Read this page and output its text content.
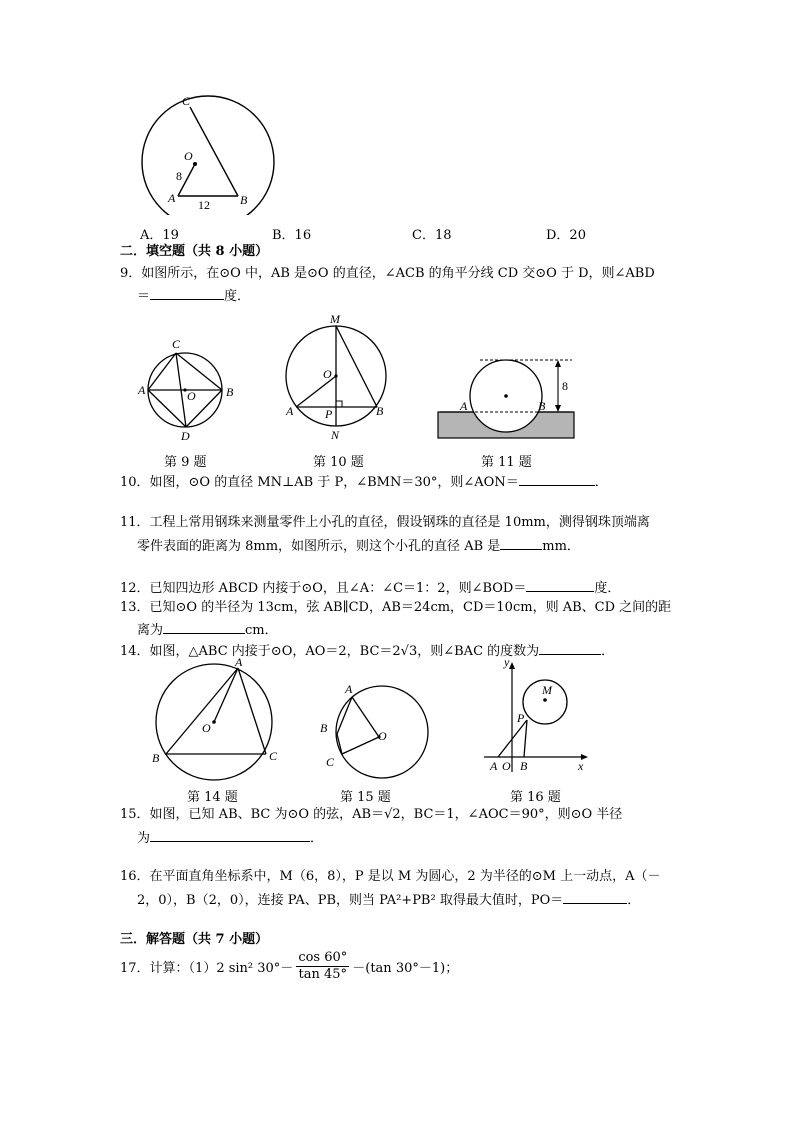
C
O
A	B
8
12
A．19	B．16	C．18	D．20
二．填空题（共 8 小题）
9．如图所示，在⊙O 中，AB 是⊙O 的直径，∠ACB 的角平分线 CD 交⊙O 于 D，则∠ABD
＝	度．
C
A	O	B
D
第 9 题
M
O
A	P	B
N
第 10 题
A	B
8
第 11 题
10．如图，⊙O 的直径 MN⊥AB 于 P，∠BMN＝30°，则∠AON＝	．
11．工程上常用钢珠来测量零件上小孔的直径，假设钢珠的直径是 10mm，测得钢珠顶端离
零件表面的距离为 8mm，如图所示，则这个小孔的直径 AB 是	mm．
12．已知四边形 ABCD 内接于⊙O，且∠A：∠C＝1：2，则∠BOD＝	度．
13．已知⊙O 的半径为 13cm，弦 AB∥CD，AB＝24cm，CD＝10cm，则 AB、CD 之间的距
离为	cm．
14．如图，△ABC 内接于⊙O，AO＝2，BC＝2√3，则∠BAC 的度数为	．
A
O
B	C
第 14 题
A
B
C
O
第 15 题
y
M
P
A O B	x
第 16 题
15．如图，已知 AB、BC 为⊙O 的弦，AB＝√2，BC＝1，∠AOC＝90°，则⊙O 半径
为	．
16．在平面直角坐标系中，M（6，8），P 是以 M 为圆心，2 为半径的⊙M 上一动点，A（－
2，0），B（2，0），连接 PA、PB，则当 PA²+PB² 取得最大值时，PO＝	．
三．解答题（共 7 小题）
17．计算：（1）2 sin² $30^\circ- \frac{\cos 60^\circ}{\tan 45^\circ} -(\tan$ 30°－1)；
